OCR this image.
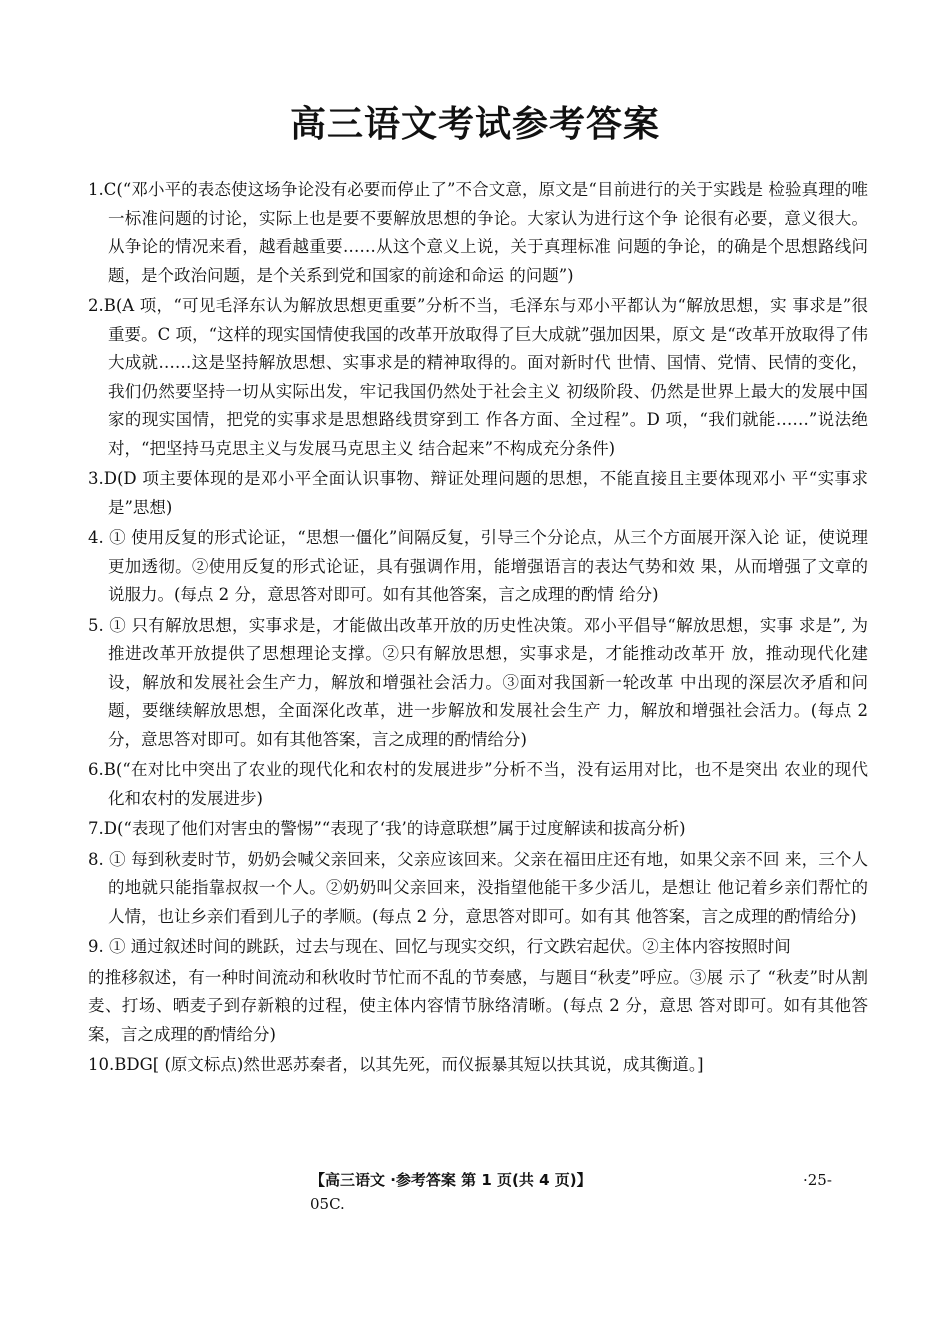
高三语文考试参考答案

1.C(“邓小平的表态使这场争论没有必要而停止了”不合文意，原文是“目前进行的关于实践是 检验真理的唯一标准问题的讨论，实际上也是要不要解放思想的争论。大家认为进行这个争 论很有必要，意义很大。从争论的情况来看，越看越重要……从这个意义上说，关于真理标准 问题的争论，的确是个思想路线问题，是个政治问题，是个关系到党和国家的前途和命运 的问题”)

2.B(A 项，“可见毛泽东认为解放思想更重要”分析不当，毛泽东与邓小平都认为“解放思想，实 事求是”很重要。C 项，“这样的现实国情使我国的改革开放取得了巨大成就”强加因果，原文 是“改革开放取得了伟大成就……这是坚持解放思想、实事求是的精神取得的。面对新时代 世情、国情、党情、民情的变化，我们仍然要坚持一切从实际出发，牢记我国仍然处于社会主义 初级阶段、仍然是世界上最大的发展中国家的现实国情，把党的实事求是思想路线贯穿到工 作各方面、全过程”。D 项，“我们就能……”说法绝对，“把坚持马克思主义与发展马克思主义 结合起来”不构成充分条件)

3.D(D 项主要体现的是邓小平全面认识事物、辩证处理问题的思想，不能直接且主要体现邓小 平“实事求是”思想)

4. ① 使用反复的形式论证，“思想一僵化”间隔反复，引导三个分论点，从三个方面展开深入论 证，使说理更加透彻。②使用反复的形式论证，具有强调作用，能增强语言的表达气势和效 果，从而增强了文章的说服力。(每点 2 分，意思答对即可。如有其他答案，言之成理的酌情 给分)

5. ① 只有解放思想，实事求是，才能做出改革开放的历史性决策。邓小平倡导“解放思想，实事 求是”, 为推进改革开放提供了思想理论支撑。②只有解放思想，实事求是，才能推动改革开 放，推动现代化建设，解放和发展社会生产力，解放和增强社会活力。③面对我国新一轮改革 中出现的深层次矛盾和问题，要继续解放思想，全面深化改革，进一步解放和发展社会生产 力，解放和增强社会活力。(每点 2 分，意思答对即可。如有其他答案，言之成理的酌情给分)

6.B(“在对比中突出了农业的现代化和农村的发展进步”分析不当，没有运用对比，也不是突出 农业的现代化和农村的发展进步)

7.D(“表现了他们对害虫的警惕”“表现了‘我’的诗意联想”属于过度解读和拔高分析)

8. ① 每到秋麦时节，奶奶会喊父亲回来，父亲应该回来。父亲在福田庄还有地，如果父亲不回 来，三个人的地就只能指靠叔叔一个人。②奶奶叫父亲回来，没指望他能干多少活儿，是想让 他记着乡亲们帮忙的人情，也让乡亲们看到儿子的孝顺。(每点 2 分，意思答对即可。如有其 他答案，言之成理的酌情给分)

9. ① 通过叙述时间的跳跃，过去与现在、回忆与现实交织，行文跌宕起伏。②主体内容按照时间

的推移叙述，有一种时间流动和秋收时节忙而不乱的节奏感，与题目“秋麦”呼应。③展 示了 “秋麦”时从割麦、打场、晒麦子到存新粮的过程，使主体内容情节脉络清晰。(每点 2 分，意思 答对即可。如有其他答案，言之成理的酌情给分)

10.BDG[ (原文标点)然世恶苏秦者，以其先死，而仪振暴其短以扶其说，成其衡道。]

【高三语文 ·参考答案 第 1 页(共 4 页)】	·25-
05C.
